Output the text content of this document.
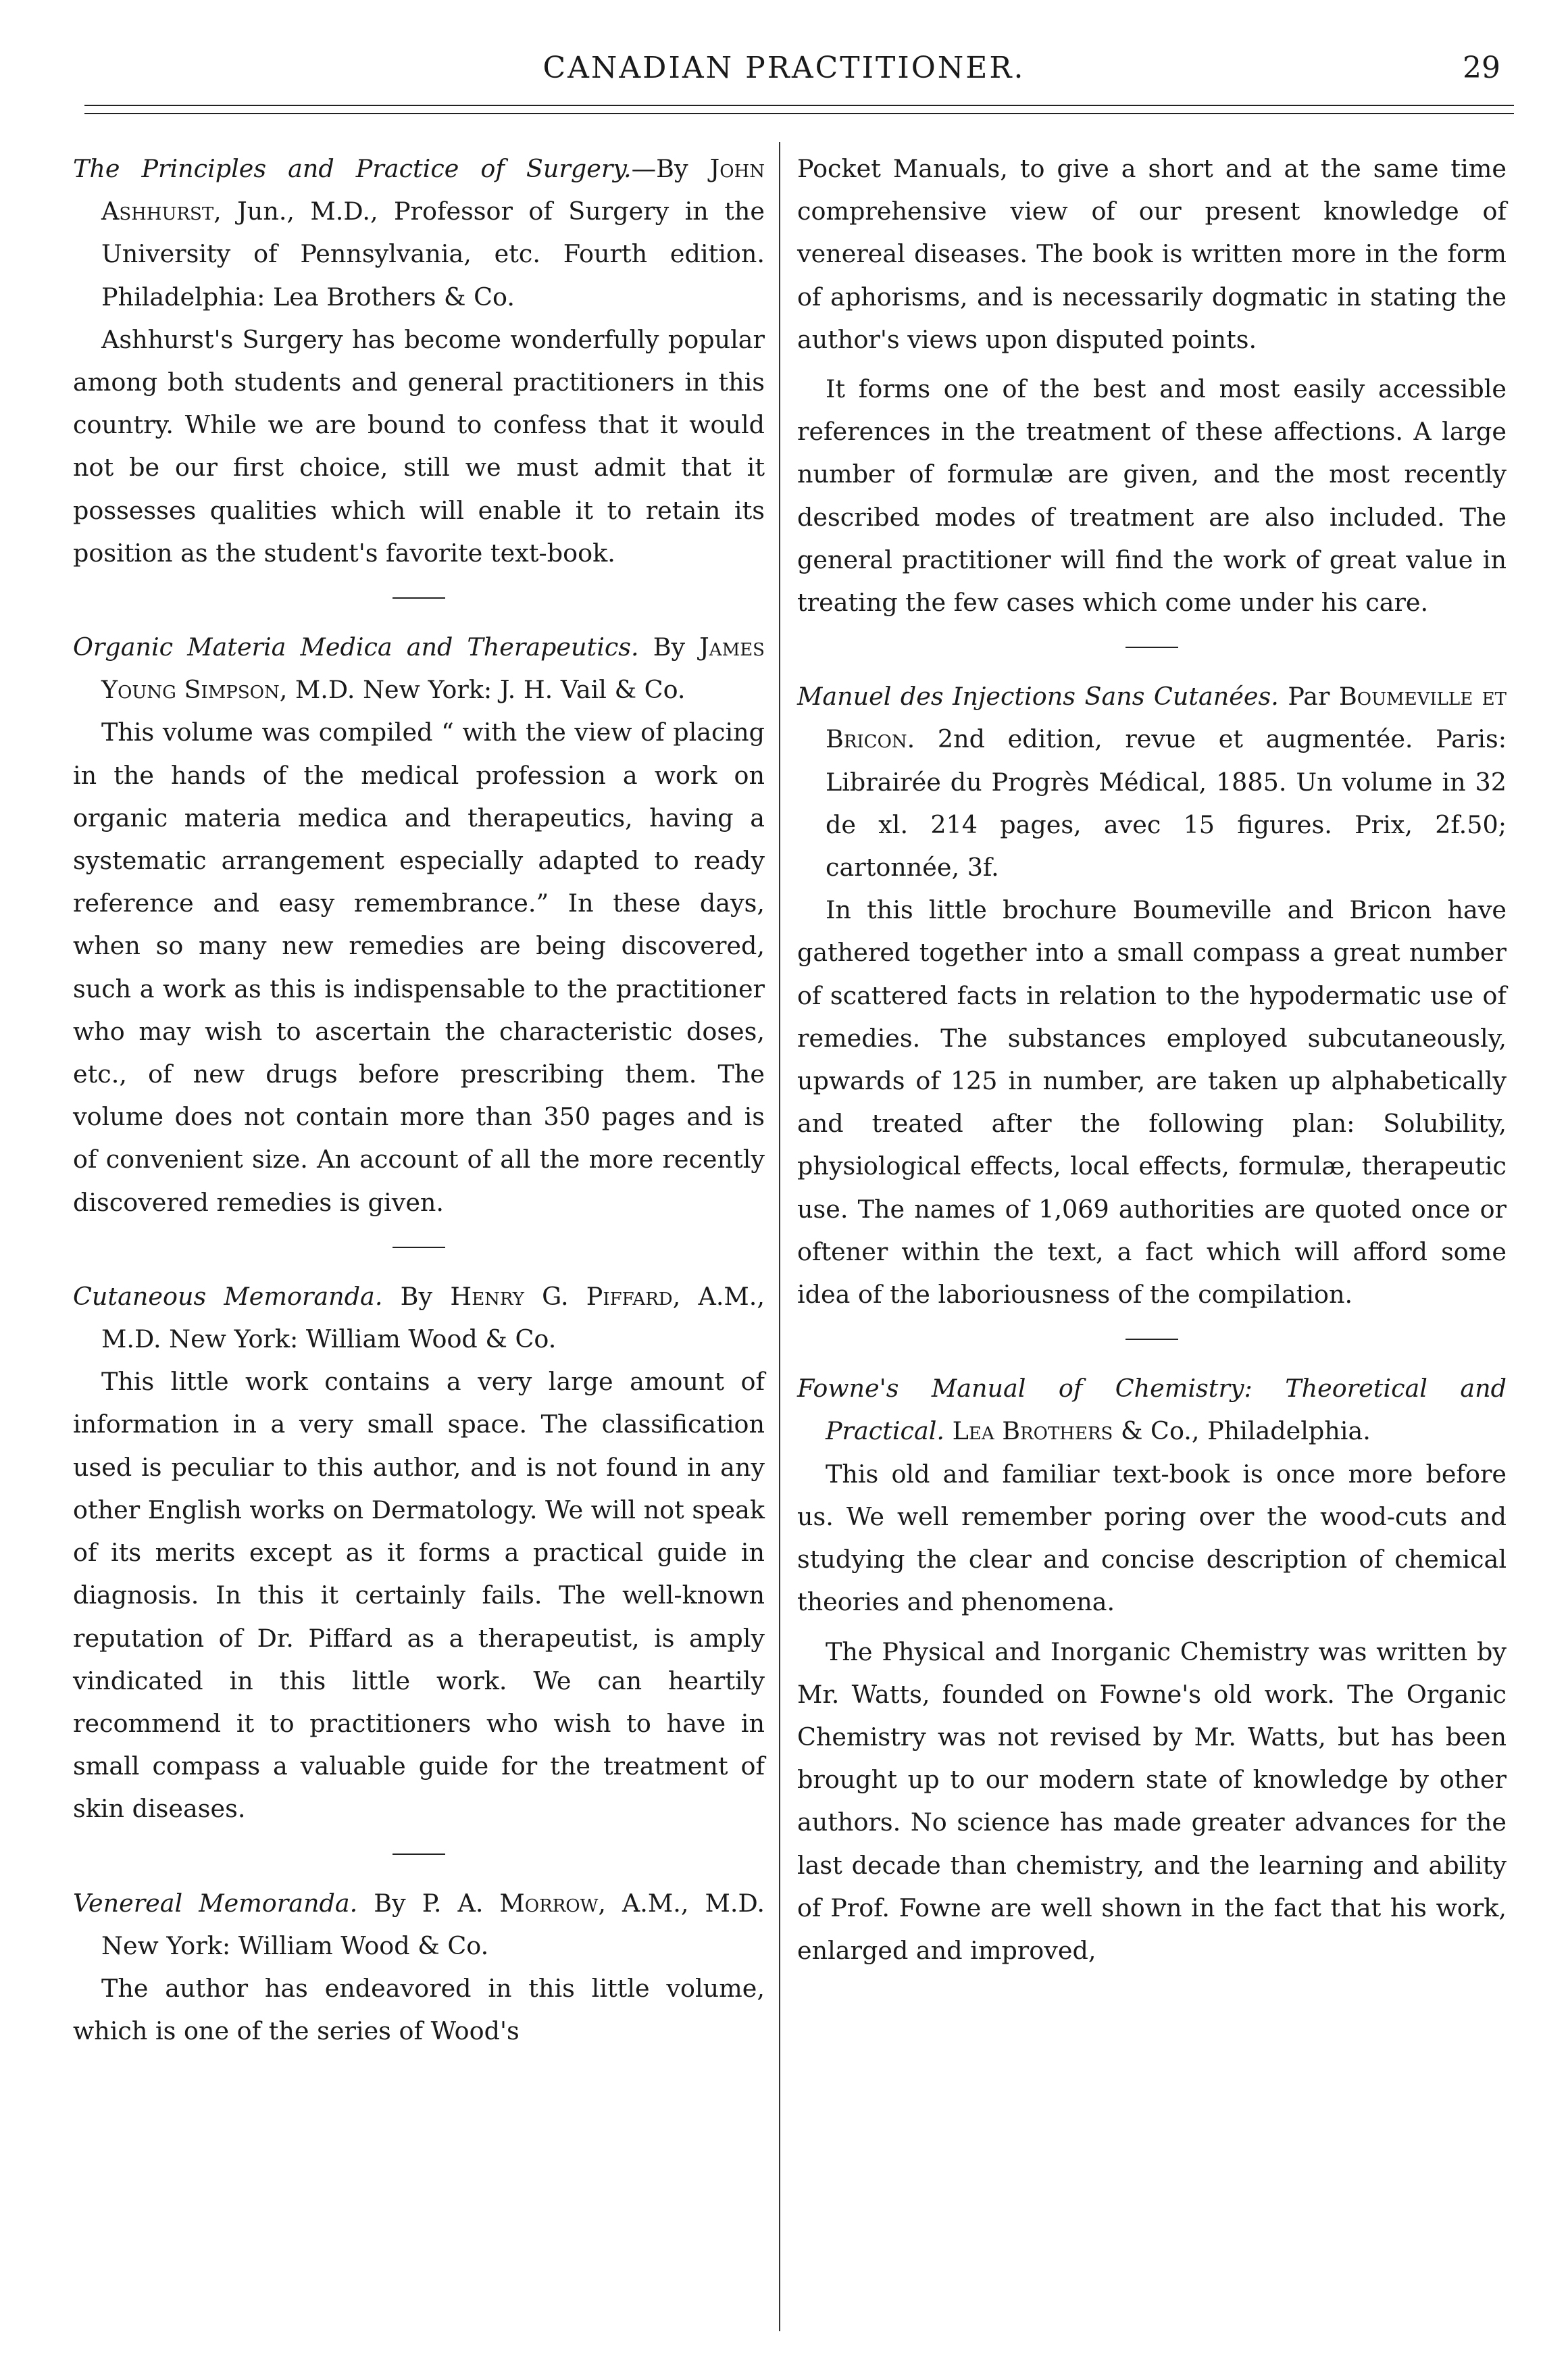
CANADIAN PRACTITIONER.	29

The Principles and Practice of Surgery.—By John Ashhurst, Jun., M.D., Professor of Surgery in the University of Pennsylvania, etc. Fourth edition. Philadelphia: Lea Brothers & Co.

Ashhurst's Surgery has become wonderfully popular among both students and general practitioners in this country. While we are bound to confess that it would not be our first choice, still we must admit that it possesses qualities which will enable it to retain its position as the student's favorite text-book.

Organic Materia Medica and Therapeutics. By James Young Simpson, M.D. New York: J. H. Vail & Co.

This volume was compiled “ with the view of placing in the hands of the medical profession a work on organic materia medica and therapeutics, having a systematic arrangement especially adapted to ready reference and easy remembrance.” In these days, when so many new remedies are being discovered, such a work as this is indispensable to the practitioner who may wish to ascertain the characteristic doses, etc., of new drugs before prescribing them. The volume does not contain more than 350 pages and is of convenient size. An account of all the more recently discovered remedies is given.

Cutaneous Memoranda. By Henry G. Piffard, A.M., M.D. New York: William Wood & Co.

This little work contains a very large amount of information in a very small space. The classification used is peculiar to this author, and is not found in any other English works on Dermatology. We will not speak of its merits except as it forms a practical guide in diagnosis. In this it certainly fails. The well-known reputation of Dr. Piffard as a therapeutist, is amply vindicated in this little work. We can heartily recommend it to practitioners who wish to have in small compass a valuable guide for the treatment of skin diseases.

Venereal Memoranda. By P. A. Morrow, A.M., M.D. New York: William Wood & Co.

The author has endeavored in this little volume, which is one of the series of Wood's

Pocket Manuals, to give a short and at the same time comprehensive view of our present knowledge of venereal diseases. The book is written more in the form of aphorisms, and is necessarily dogmatic in stating the author's views upon disputed points.

It forms one of the best and most easily accessible references in the treatment of these affections. A large number of formulæ are given, and the most recently described modes of treatment are also included. The general practitioner will find the work of great value in treating the few cases which come under his care.

Manuel des Injections Sans Cutanées. Par Boumeville et Bricon. 2nd edition, revue et augmentée. Paris: Librairée du Progrès Médical, 1885. Un volume in 32 de xl. 214 pages, avec 15 figures. Prix, 2f.50; cartonnée, 3f.

In this little brochure Boumeville and Bricon have gathered together into a small compass a great number of scattered facts in relation to the hypodermatic use of remedies. The substances employed subcutaneously, upwards of 125 in number, are taken up alphabetically and treated after the following plan: Solubility, physiological effects, local effects, formulæ, therapeutic use. The names of 1,069 authorities are quoted once or oftener within the text, a fact which will afford some idea of the laboriousness of the compilation.

Fowne's Manual of Chemistry: Theoretical and Practical. Lea Brothers & Co., Philadelphia.

This old and familiar text-book is once more before us. We well remember poring over the wood-cuts and studying the clear and concise description of chemical theories and phenomena.

The Physical and Inorganic Chemistry was written by Mr. Watts, founded on Fowne's old work. The Organic Chemistry was not revised by Mr. Watts, but has been brought up to our modern state of knowledge by other authors. No science has made greater advances for the last decade than chemistry, and the learning and ability of Prof. Fowne are well shown in the fact that his work, enlarged and improved,
